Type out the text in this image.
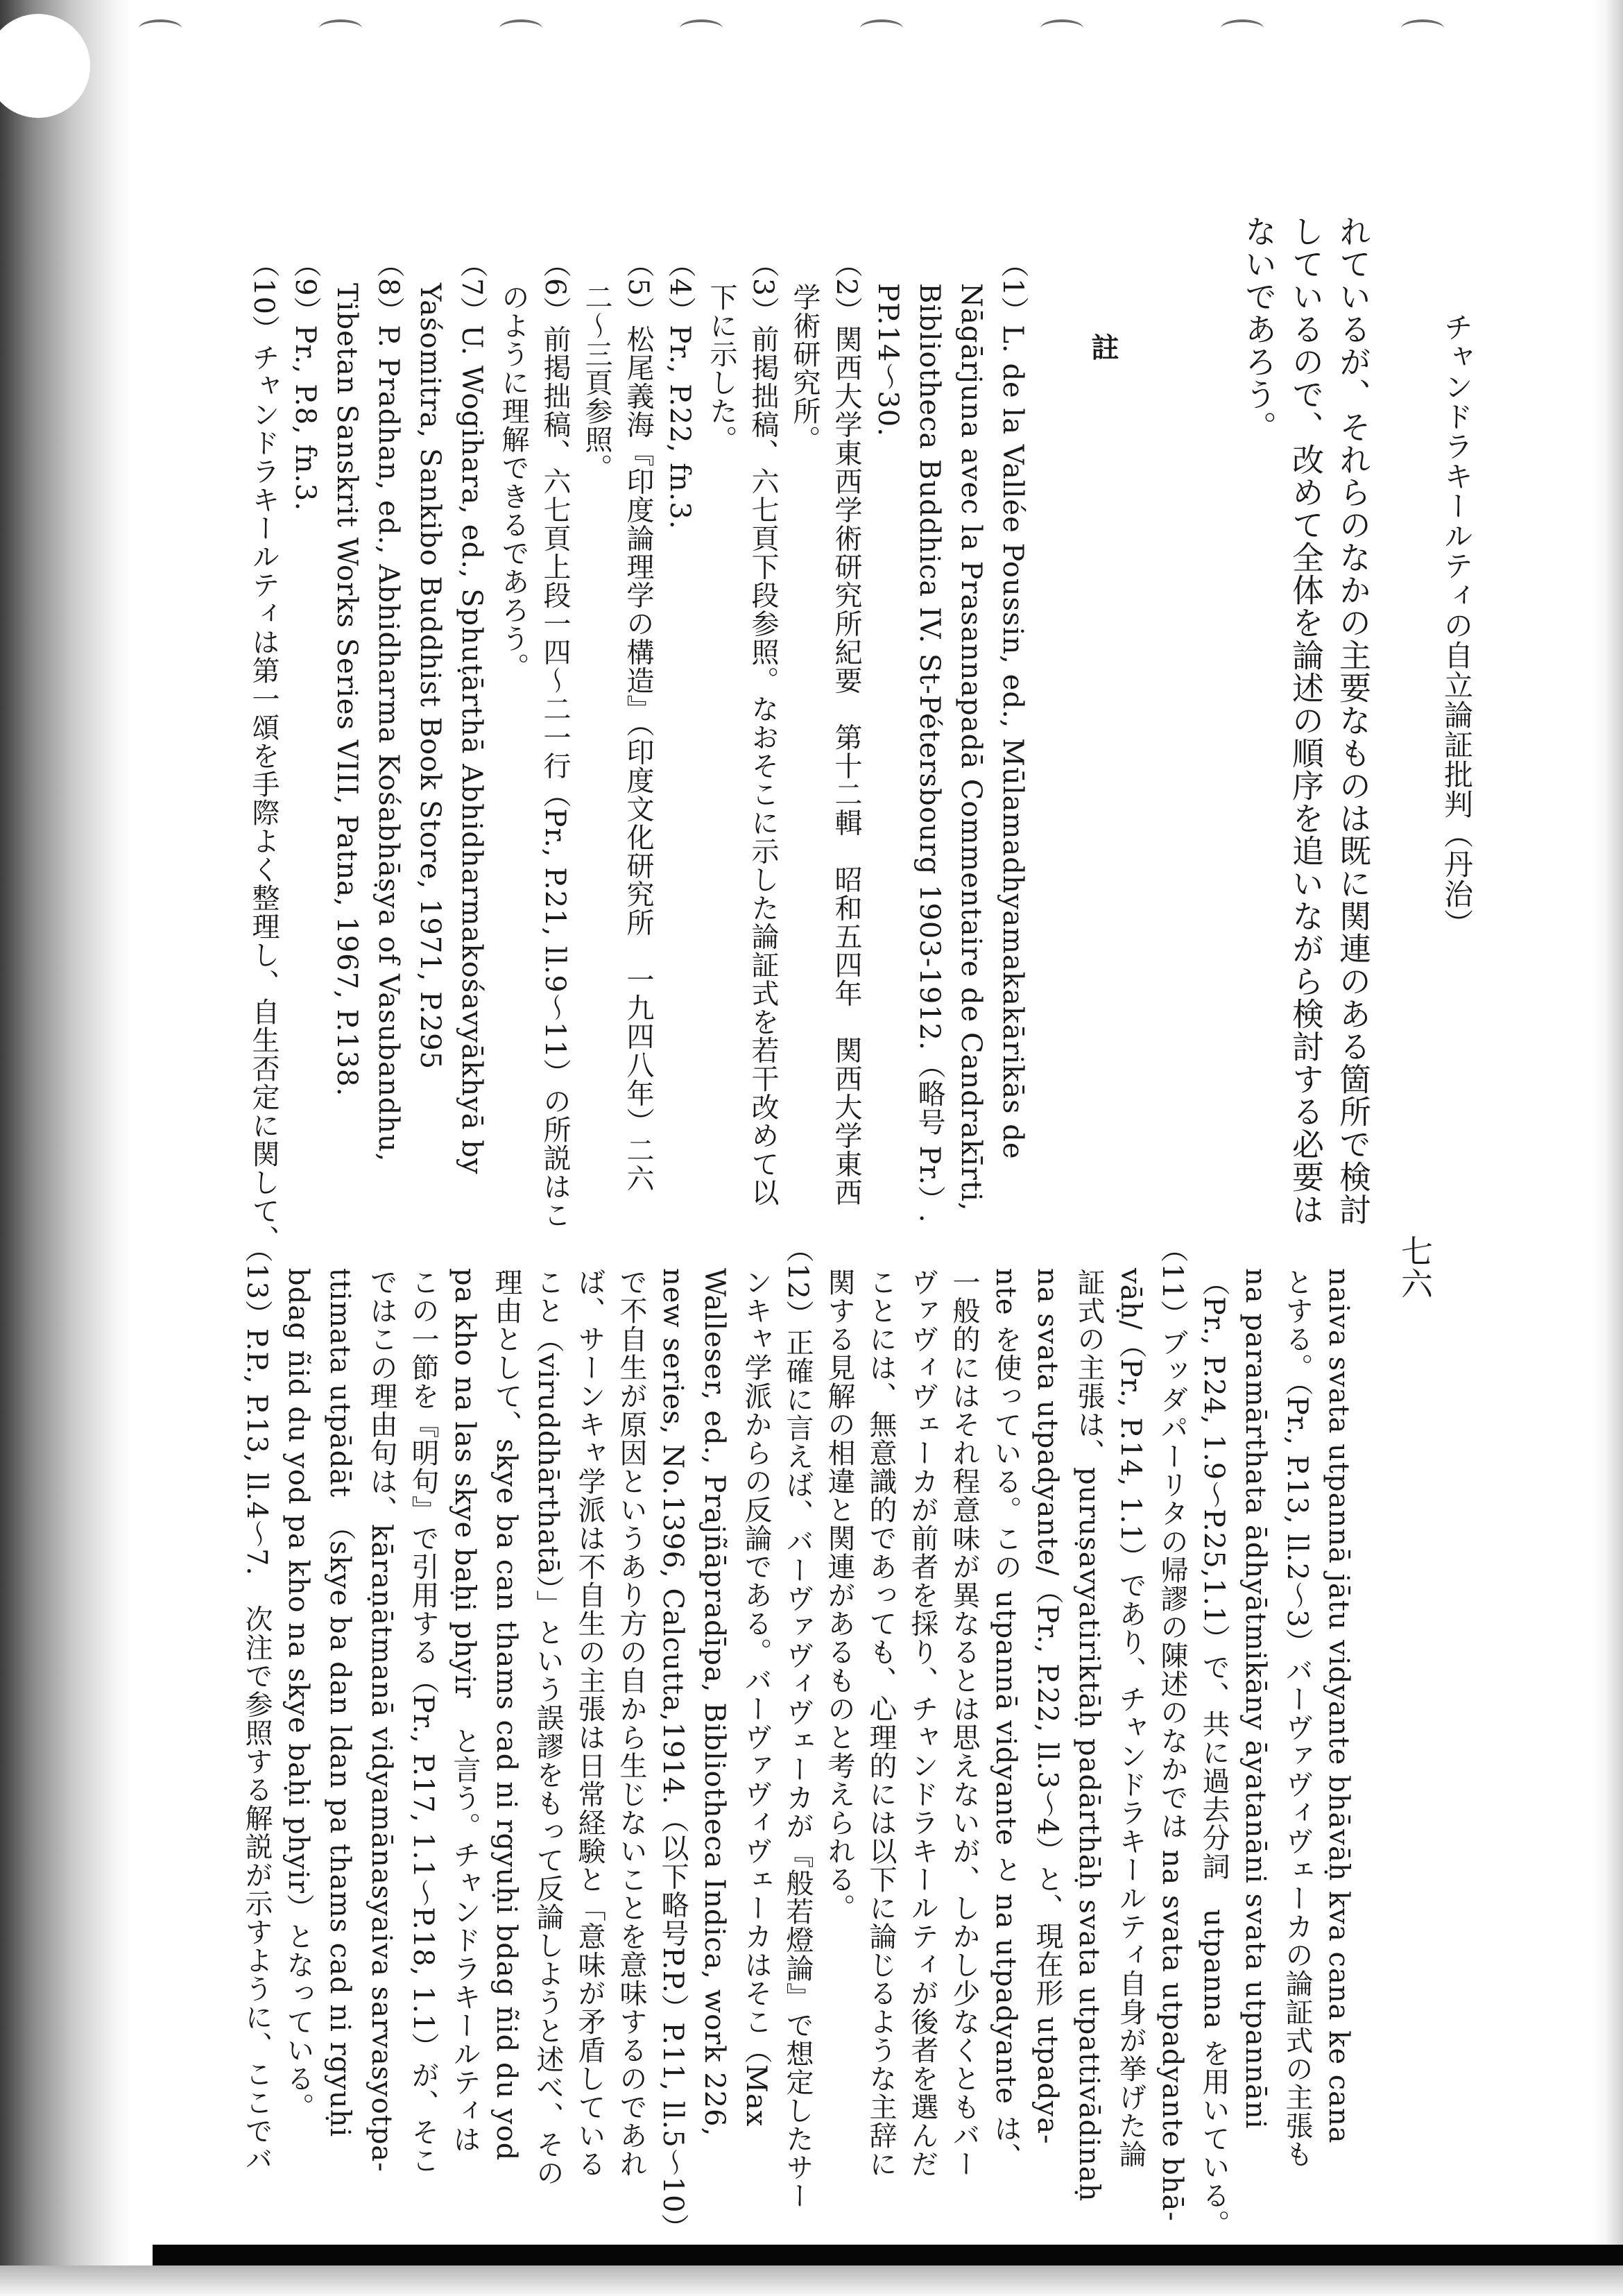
チャンドラキールティの自立論証批判（丹治）
七六
れているが、それらのなかの主要なものは既に関連のある箇所で検討
しているので、改めて全体を論述の順序を追いながら検討する必要は
ないであろう。
註
（1）L. de la Vallée Poussin, ed., Mūlamadhyamakakārikās de
Nāgārjuna avec la Prasannapadā Commentaire de Candrakīrti,
Bibliotheca Buddhica IV. St-Pétersbourg 1903-1912.（略号 Pr.）.
PP.14～30.
（2）関西大学東西学術研究所紀要　第十二輯　昭和五四年　関西大学東西
学術研究所。
（3）前掲拙稿、六七頁下段参照。なおそこに示した論証式を若干改めて以
下に示した。
（4）Pr., P.22, fn.3.
（5）松尾義海『印度論理学の構造』（印度文化研究所　一九四八年）二六
二～三頁参照。
（6）前掲拙稿、六七頁上段一四～二一行（Pr., P.21, ll.9～11）の所説はこ
のように理解できるであろう。
（7）U. Wogihara, ed., Sphuṭārthā Abhidharmakośavyākhyā by
Yaśomitra, Sankibo Buddhist Book Store, 1971, P.295
（8）P. Pradhan, ed., Abhidharma Kośabhāṣya of Vasubandhu,
Tibetan Sanskrit Works Series VIII, Patna, 1967, P.138.
（9）Pr., P.8, fn.3.
（10）チャンドラキールティは第一頌を手際よく整理し、自生否定に関して、
naiva svata utpannā jātu vidyante bhāvāḥ kva cana ke cana
とする。（Pr., P.13, ll.2～3）バーヴァヴィヴェーカの論証式の主張も
na paramārthata ādhyātmikāny āyatanāni svata utpannāni
（Pr., P.24, 1.9～P.25,1.1）で、共に過去分詞　utpanna を用いている。
（11）ブッダパーリタの帰謬の陳述のなかでは na svata utpadyante bhā-
vāḥ/（Pr., P.14, 1.1）であり、チャンドラキールティ自身が挙げた論
証式の主張は、puruṣavyatiriktāḥ padārthāḥ svata utpattivādinaḥ
na svata utpadyante/（Pr., P.22, ll.3～4）と、現在形 utpadya-
nte を使っている。この utpannā vidyante と na utpadyante は、
一般的にはそれ程意味が異なるとは思えないが、しかし少なくともバー
ヴァヴィヴェーカが前者を採り、チャンドラキールティが後者を選んだ
ことには、無意識的であっても、心理的には以下に論じるような主辞に
関する見解の相違と関連があるものと考えられる。
（12）正確に言えば、バーヴァヴィヴェーカが『般若燈論』で想定したサー
ンキャ学派からの反論である。バーヴァヴィヴェーカはそこ（Max
Walleser, ed., Prajñāpradīpa, Bibliotheca Indica, work 226,
new series, No.1396, Calcutta,1914.（以下略号P.P.）P.11, ll.5～10）
で不自生が原因というあり方の自から生じないことを意味するのであれ
ば、サーンキャ学派は不自生の主張は日常経験と「意味が矛盾している
こと（viruddhārthatā）」という誤謬をもって反論しようと述べ、その
理由として、skye ba can thams cad ni rgyuḥi bdag ñid du yod
pa kho na las skye baḥi phyir　と言う。チャンドラキールティは
この一節を『明句』で引用する（Pr., P.17, 1.1～P.18, 1.1）が、そこ
ではこの理由句は、kāraṇātmanā vidyamānasyaiva sarvasyotpa-
ttimata utpādāt　（skye ba dan ldan pa thams cad ni rgyuḥi
bdag ñid du yod pa kho na skye baḥi phyir）となっている。
（13）P.P., P.13, ll.4～7.　次注で参照する解説が示すように、ここでバ
